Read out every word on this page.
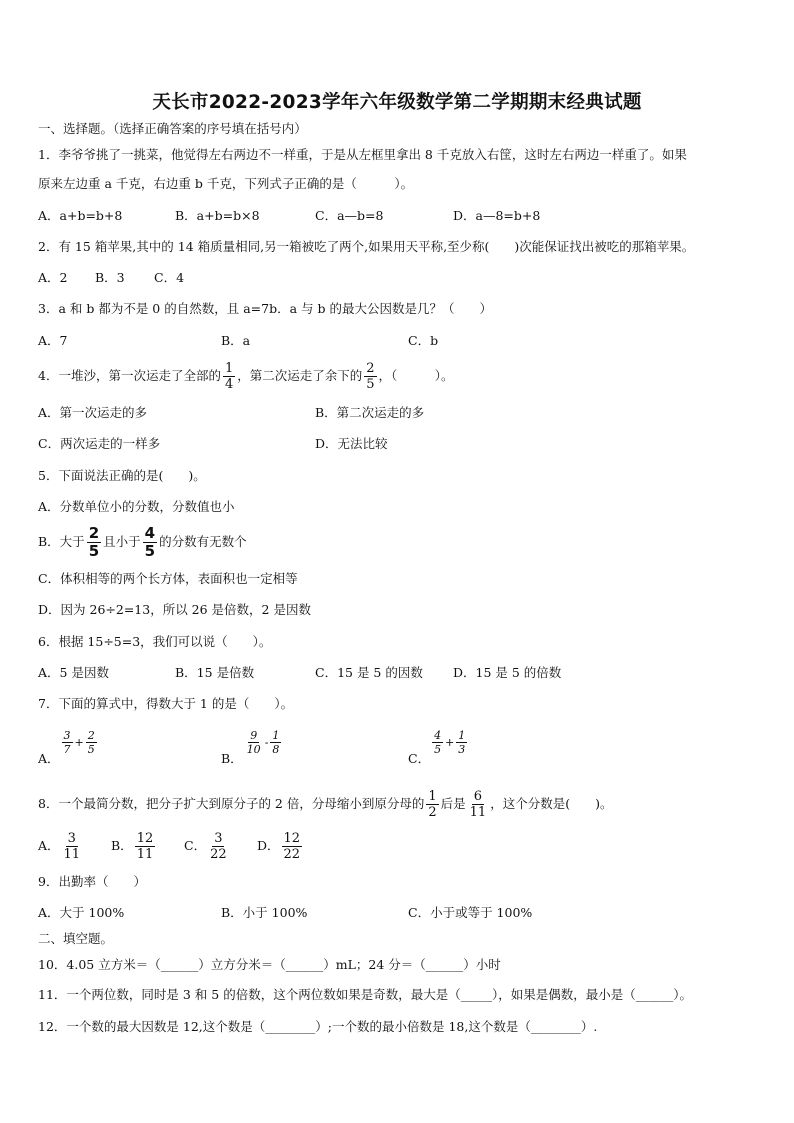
天长市2022-2023学年六年级数学第二学期期末经典试题
一、选择题。（选择正确答案的序号填在括号内）
1．李爷爷挑了一挑菜，他觉得左右两边不一样重，于是从左框里拿出 8 千克放入右筐，这时左右两边一样重了。如果
原来左边重 a 千克，右边重 b 千克，下列式子正确的是（　　　）。
A．a+b=b+8	B．a+b=b×8	C．a—b=8	D．a—8=b+8
2．有 15 箱苹果,其中的 14 箱质量相同,另一箱被吃了两个,如果用天平称,至少称(　　)次能保证找出被吃的那箱苹果。
A．2 B．3 C．4
3．a 和 b 都为不是 0 的自然数，且 a=7b．a 与 b 的最大公因数是几？（　　）
A．7	B．a	C．b
4．一堆沙，第一次运走了全部的 $\frac{1}{4}$ ，第二次运走了余下的 $\frac{2}{5}$ ，（　　　）。
A．第一次运走的多	B．第二次运走的多
C．两次运走的一样多	D．无法比较
5．下面说法正确的是(　　)。
A．分数单位小的分数，分数值也小
B．大于 $\frac{2}{5}$ 且小于 $\frac{4}{5}$ 的分数有无数个
C．体积相等的两个长方体，表面积也一定相等
D．因为 26÷2=13，所以 26 是倍数，2 是因数
6．根据 15÷5=3，我们可以说（　　）。
A．5 是因数	B．15 是倍数	C．15 是 5 的因数 D．15 是 5 的倍数
7．下面的算式中，得数大于 1 的是（　　）。
A．
$\frac{3}{7} + \frac{2}{5}$
B．
$\frac{9}{10} - \frac{1}{8}$
C．
$\frac{4}{5} + \frac{1}{3}$
8．一个最简分数，把分子扩大到原分子的 2 倍，分母缩小到原分母的 $\frac{1}{2}$ 后是 $\frac{6}{11}$ ，这个分数是(　　)。
A． $\frac{3}{11}$ B． $\frac{12}{11}$ C． $\frac{3}{22}$ D． $\frac{12}{22}$
9．出勤率（　　）
A．大于 100%	B．小于 100%	C．小于或等于 100%
二、填空题。
10．4.05 立方米＝（______）立方分米＝（______）mL；24 分＝（______）小时
11．一个两位数，同时是 3 和 5 的倍数，这个两位数如果是奇数，最大是（_____），如果是偶数，最小是（______）。
12．一个数的最大因数是 12,这个数是（________）;一个数的最小倍数是 18,这个数是（________）.
